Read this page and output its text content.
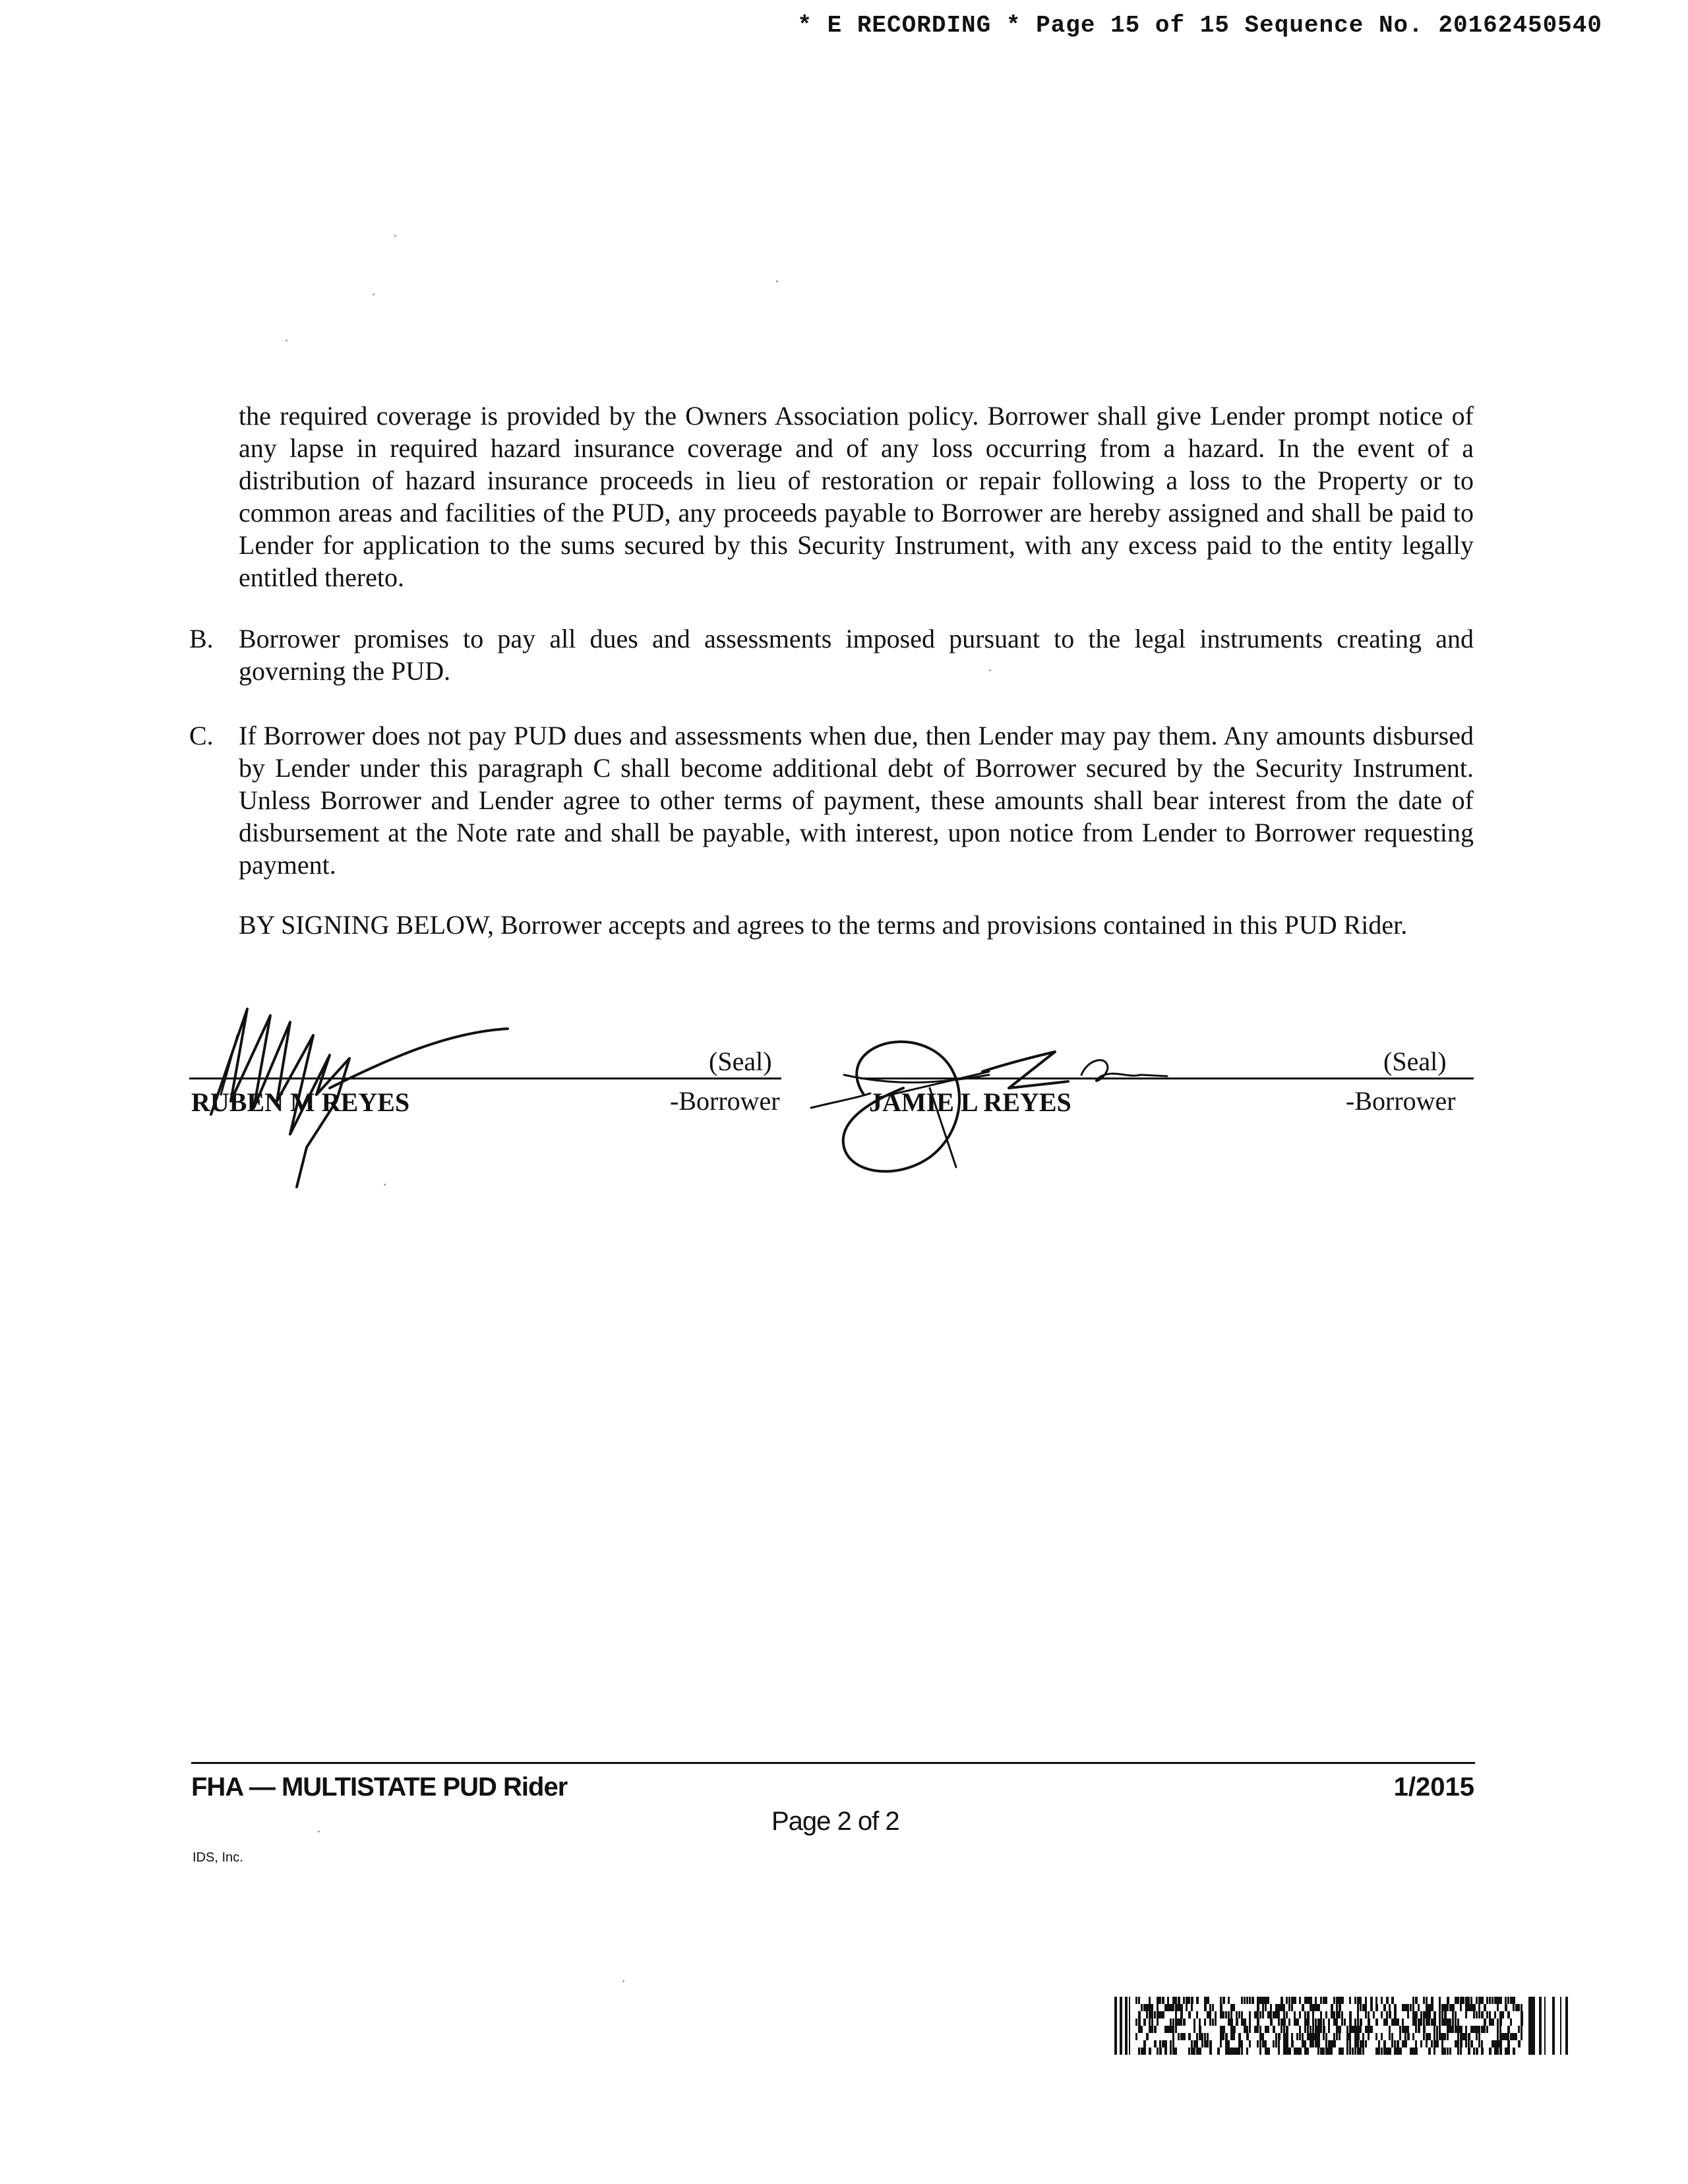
* E RECORDING * Page 15 of 15 Sequence No. 20162450540
the required coverage is provided by the Owners Association policy. Borrower shall give Lender prompt notice of any lapse in required hazard insurance coverage and of any loss occurring from a hazard. In the event of a distribution of hazard insurance proceeds in lieu of restoration or repair following a loss to the Property or to common areas and facilities of the PUD, any proceeds payable to Borrower are hereby assigned and shall be paid to Lender for application to the sums secured by this Security Instrument, with any excess paid to the entity legally entitled thereto.
B. Borrower promises to pay all dues and assessments imposed pursuant to the legal instruments creating and governing the PUD.
C. If Borrower does not pay PUD dues and assessments when due, then Lender may pay them. Any amounts disbursed by Lender under this paragraph C shall become additional debt of Borrower secured by the Security Instrument. Unless Borrower and Lender agree to other terms of payment, these amounts shall bear interest from the date of disbursement at the Note rate and shall be payable, with interest, upon notice from Lender to Borrower requesting payment.
BY SIGNING BELOW, Borrower accepts and agrees to the terms and provisions contained in this PUD Rider.
(Seal)
RUBEN M REYES	-Borrower
(Seal)
JAMIE L REYES	-Borrower
FHA — MULTISTATE PUD Rider	1/2015
Page 2 of 2
IDS, Inc.
